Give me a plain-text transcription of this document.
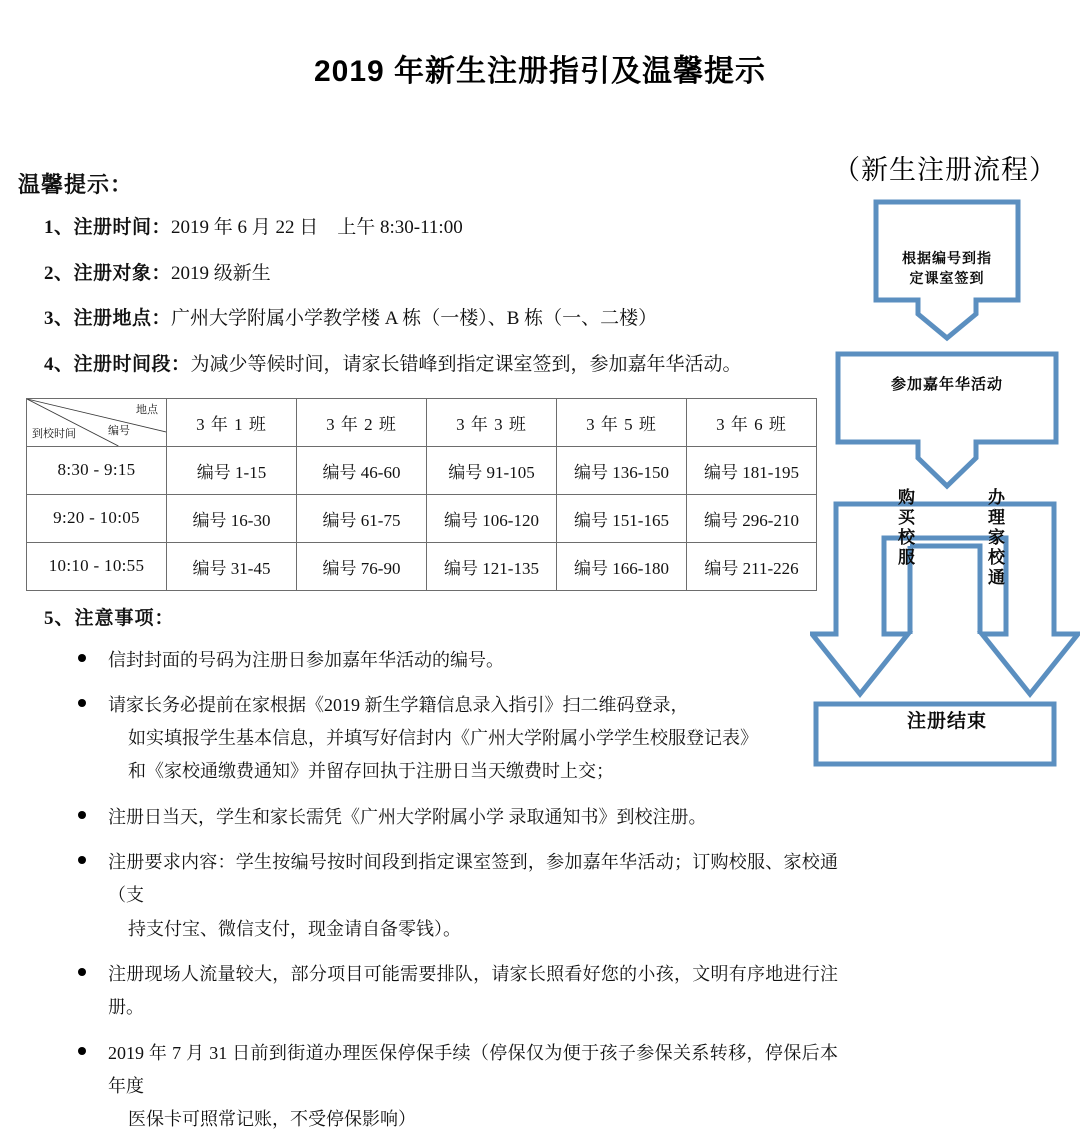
2019 年新生注册指引及温馨提示
温馨提示：
1、注册时间：2019 年 6 月 22 日　上午 8:30-11:00
2、注册对象：2019 级新生
3、注册地点：广州大学附属小学教学楼 A 栋（一楼）、B 栋（一、二楼）
4、注册时间段：为减少等候时间，请家长错峰到指定课室签到，参加嘉年华活动。
地点
编号
到校时间	3 年 1 班	3 年 2 班	3 年 3 班	3 年 5 班	3 年 6 班
8:30 - 9:15	编号 1-15	编号 46-60	编号 91-105	编号 136-150	编号 181-195
9:20 - 10:05	编号 16-30	编号 61-75	编号 106-120	编号 151-165	编号 296-210
10:10 - 10:55	编号 31-45	编号 76-90	编号 121-135	编号 166-180	编号 211-226
5、注意事项：
信封封面的号码为注册日参加嘉年华活动的编号。
请家长务必提前在家根据《2019 新生学籍信息录入指引》扫二维码登录，
如实填报学生基本信息，并填写好信封内《广州大学附属小学学生校服登记表》
和《家校通缴费通知》并留存回执于注册日当天缴费时上交；
注册日当天，学生和家长需凭《广州大学附属小学 录取通知书》到校注册。
注册要求内容：学生按编号按时间段到指定课室签到，参加嘉年华活动；订购校服、家校通（支
持支付宝、微信支付，现金请自备零钱）。
注册现场人流量较大，部分项目可能需要排队，请家长照看好您的小孩，文明有序地进行注册。
2019 年 7 月 31 日前到街道办理医保停保手续（停保仅为便于孩子参保关系转移，停保后本年度
医保卡可照常记账，不受停保影响）
（新生注册流程）
根据编号到指
定课室签到
参加嘉年华活动
购买校服	办理家校通
注册结束
